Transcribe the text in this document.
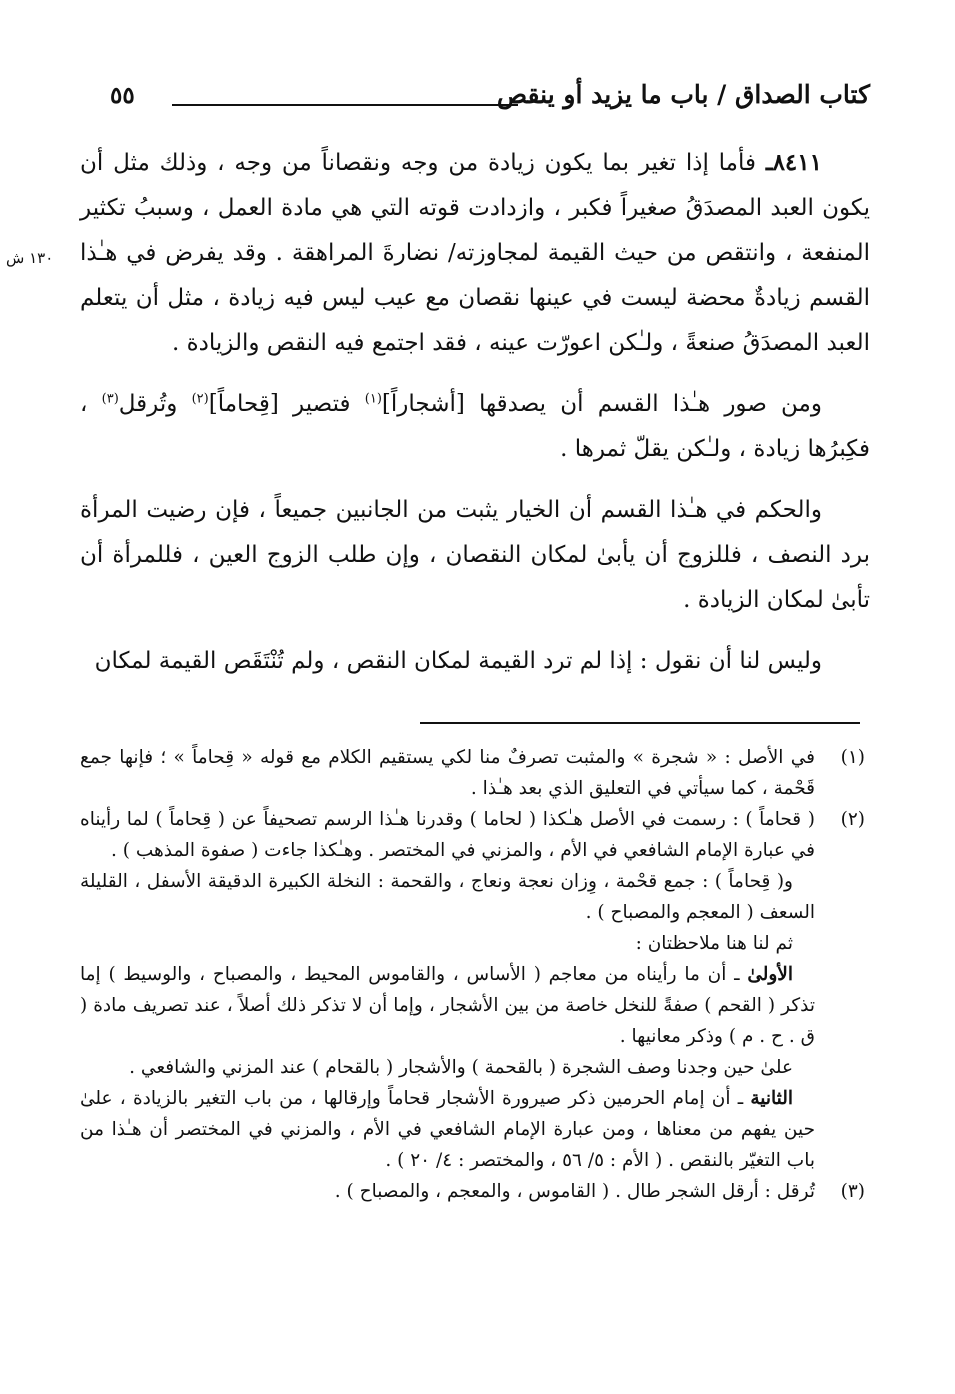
كتاب الصداق / باب ما يزيد أو ينقص
٥٥
١٣٠ ش

٨٤١١ـ فأما إذا تغير بما يكون زيادة من وجه ونقصاناً من وجه ، وذلك مثل أن يكون العبد المصدَقُ صغيراً فكبر ، وازدادت قوته التي هي مادة العمل ، وسببُ تكثير المنفعة ، وانتقص من حيث القيمة لمجاوزته/ نضارةَ المراهقة . وقد يفرض في هـٰذا القسم زيادةٌ محضة ليست في عينها نقصان مع عيب ليس فيه زيادة ، مثل أن يتعلم العبد المصدَقُ صنعةً ، ولـٰكن اعورّت عينه ، فقد اجتمع فيه النقص والزيادة .

ومن صور هـٰذا القسم أن يصدقها [أشجاراً]$^{(١)}$ فتصير [قِحاماً]$^{(٢)}$ وتُرقل$^{(٣)}$ ، فكِبرُها زيادة ، ولـٰكن يقلّ ثمرها .

والحكم في هـٰذا القسم أن الخيار يثبت من الجانبين جميعاً ، فإن رضيت المرأة برد النصف ، فللزوج أن يأبىٰ لمكان النقصان ، وإن طلب الزوج العين ، فللمرأة أن تأبىٰ لمكان الزيادة .

وليس لنا أن نقول : إذا لم ترد القيمة لمكان النقص ، ولم تُنْتَقَص القيمة لمكان

(١)

في الأصل : « شجرة » والمثبت تصرفٌ منا لكي يستقيم الكلام مع قوله « قِحاماً » ؛ فإنها جمع قَحْمة ، كما سيأتي في التعليق الذي بعد هـٰذا .

(٢)

( قحاماً ) : رسمت في الأصل هـٰكذا ( لحاما ) وقدرنا هـٰذا الرسم تصحيفاً عن ( قِحاماً ) لما رأيناه في عبارة الإمام الشافعي في الأم ، والمزني في المختصر . وهـٰكذا جاءت ( صفوة المذهب ) .

و( قِحاماً ) : جمع قحْمة ، وِزان نعجة ونعاج ، والقحمة : النخلة الكبيرة الدقيقة الأسفل ، القليلة السعف ( المعجم والمصباح ) .

ثم لنا هنا ملاحظتان :

الأولىٰ ـ أن ما رأيناه من معاجم ( الأساس ، والقاموس المحيط ، والمصباح ، والوسيط ) إما تذكر ( القحم ) صفةً للنخل خاصة من بين الأشجار ، وإما أن لا تذكر ذلك أصلاً ، عند تصريف مادة ( ق . ح . م ) وذكر معانيها .

علىٰ حين وجدنا وصف الشجرة ( بالقحمة ) والأشجار ( بالقحام ) عند المزني والشافعي .

الثانية ـ أن إمام الحرمين ذكر صيرورة الأشجار قحاماً وإرقالها ، من باب التغير بالزيادة ، علىٰ حين يفهم من معناها ، ومن عبارة الإمام الشافعي في الأم ، والمزني في المختصر أن هـٰذا من باب التغيّر بالنقص . ( الأم : ٥/ ٥٦ ، والمختصر : ٤/ ٢٠ ) .

(٣)

تُرقل : أرقل الشجر طال . ( القاموس ، والمعجم ، والمصباح ) .
